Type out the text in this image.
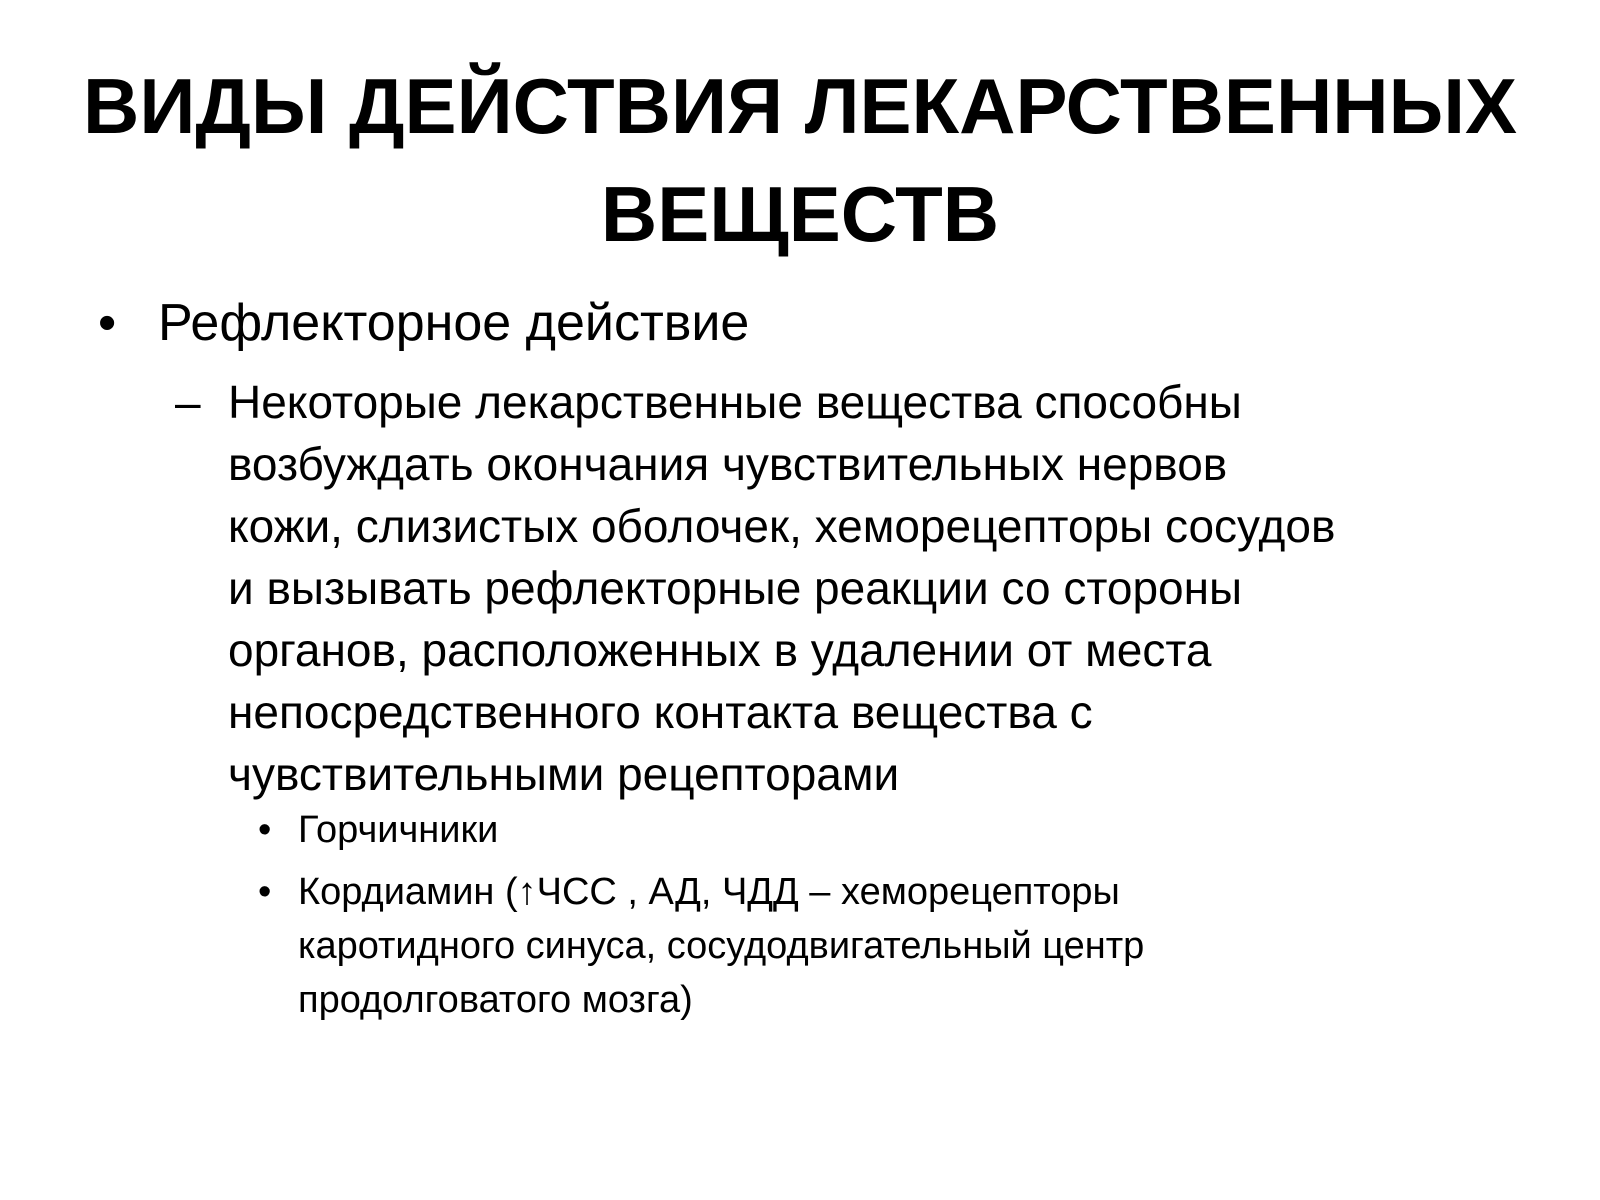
ВИДЫ ДЕЙСТВИЯ ЛЕКАРСТВЕННЫХ ВЕЩЕСТВ
• Рефлекторное действие
– Некоторые лекарственные вещества способны
возбуждать окончания чувствительных нервов
кожи, слизистых оболочек, хеморецепторы сосудов
и вызывать рефлекторные реакции со стороны
органов, расположенных в удалении от места
непосредственного контакта вещества с
чувствительными рецепторами

• Горчичники

• Кордиамин (↑ЧСС , АД, ЧДД – хеморецепторы
каротидного синуса, сосудодвигательный центр
продолговатого мозга)
